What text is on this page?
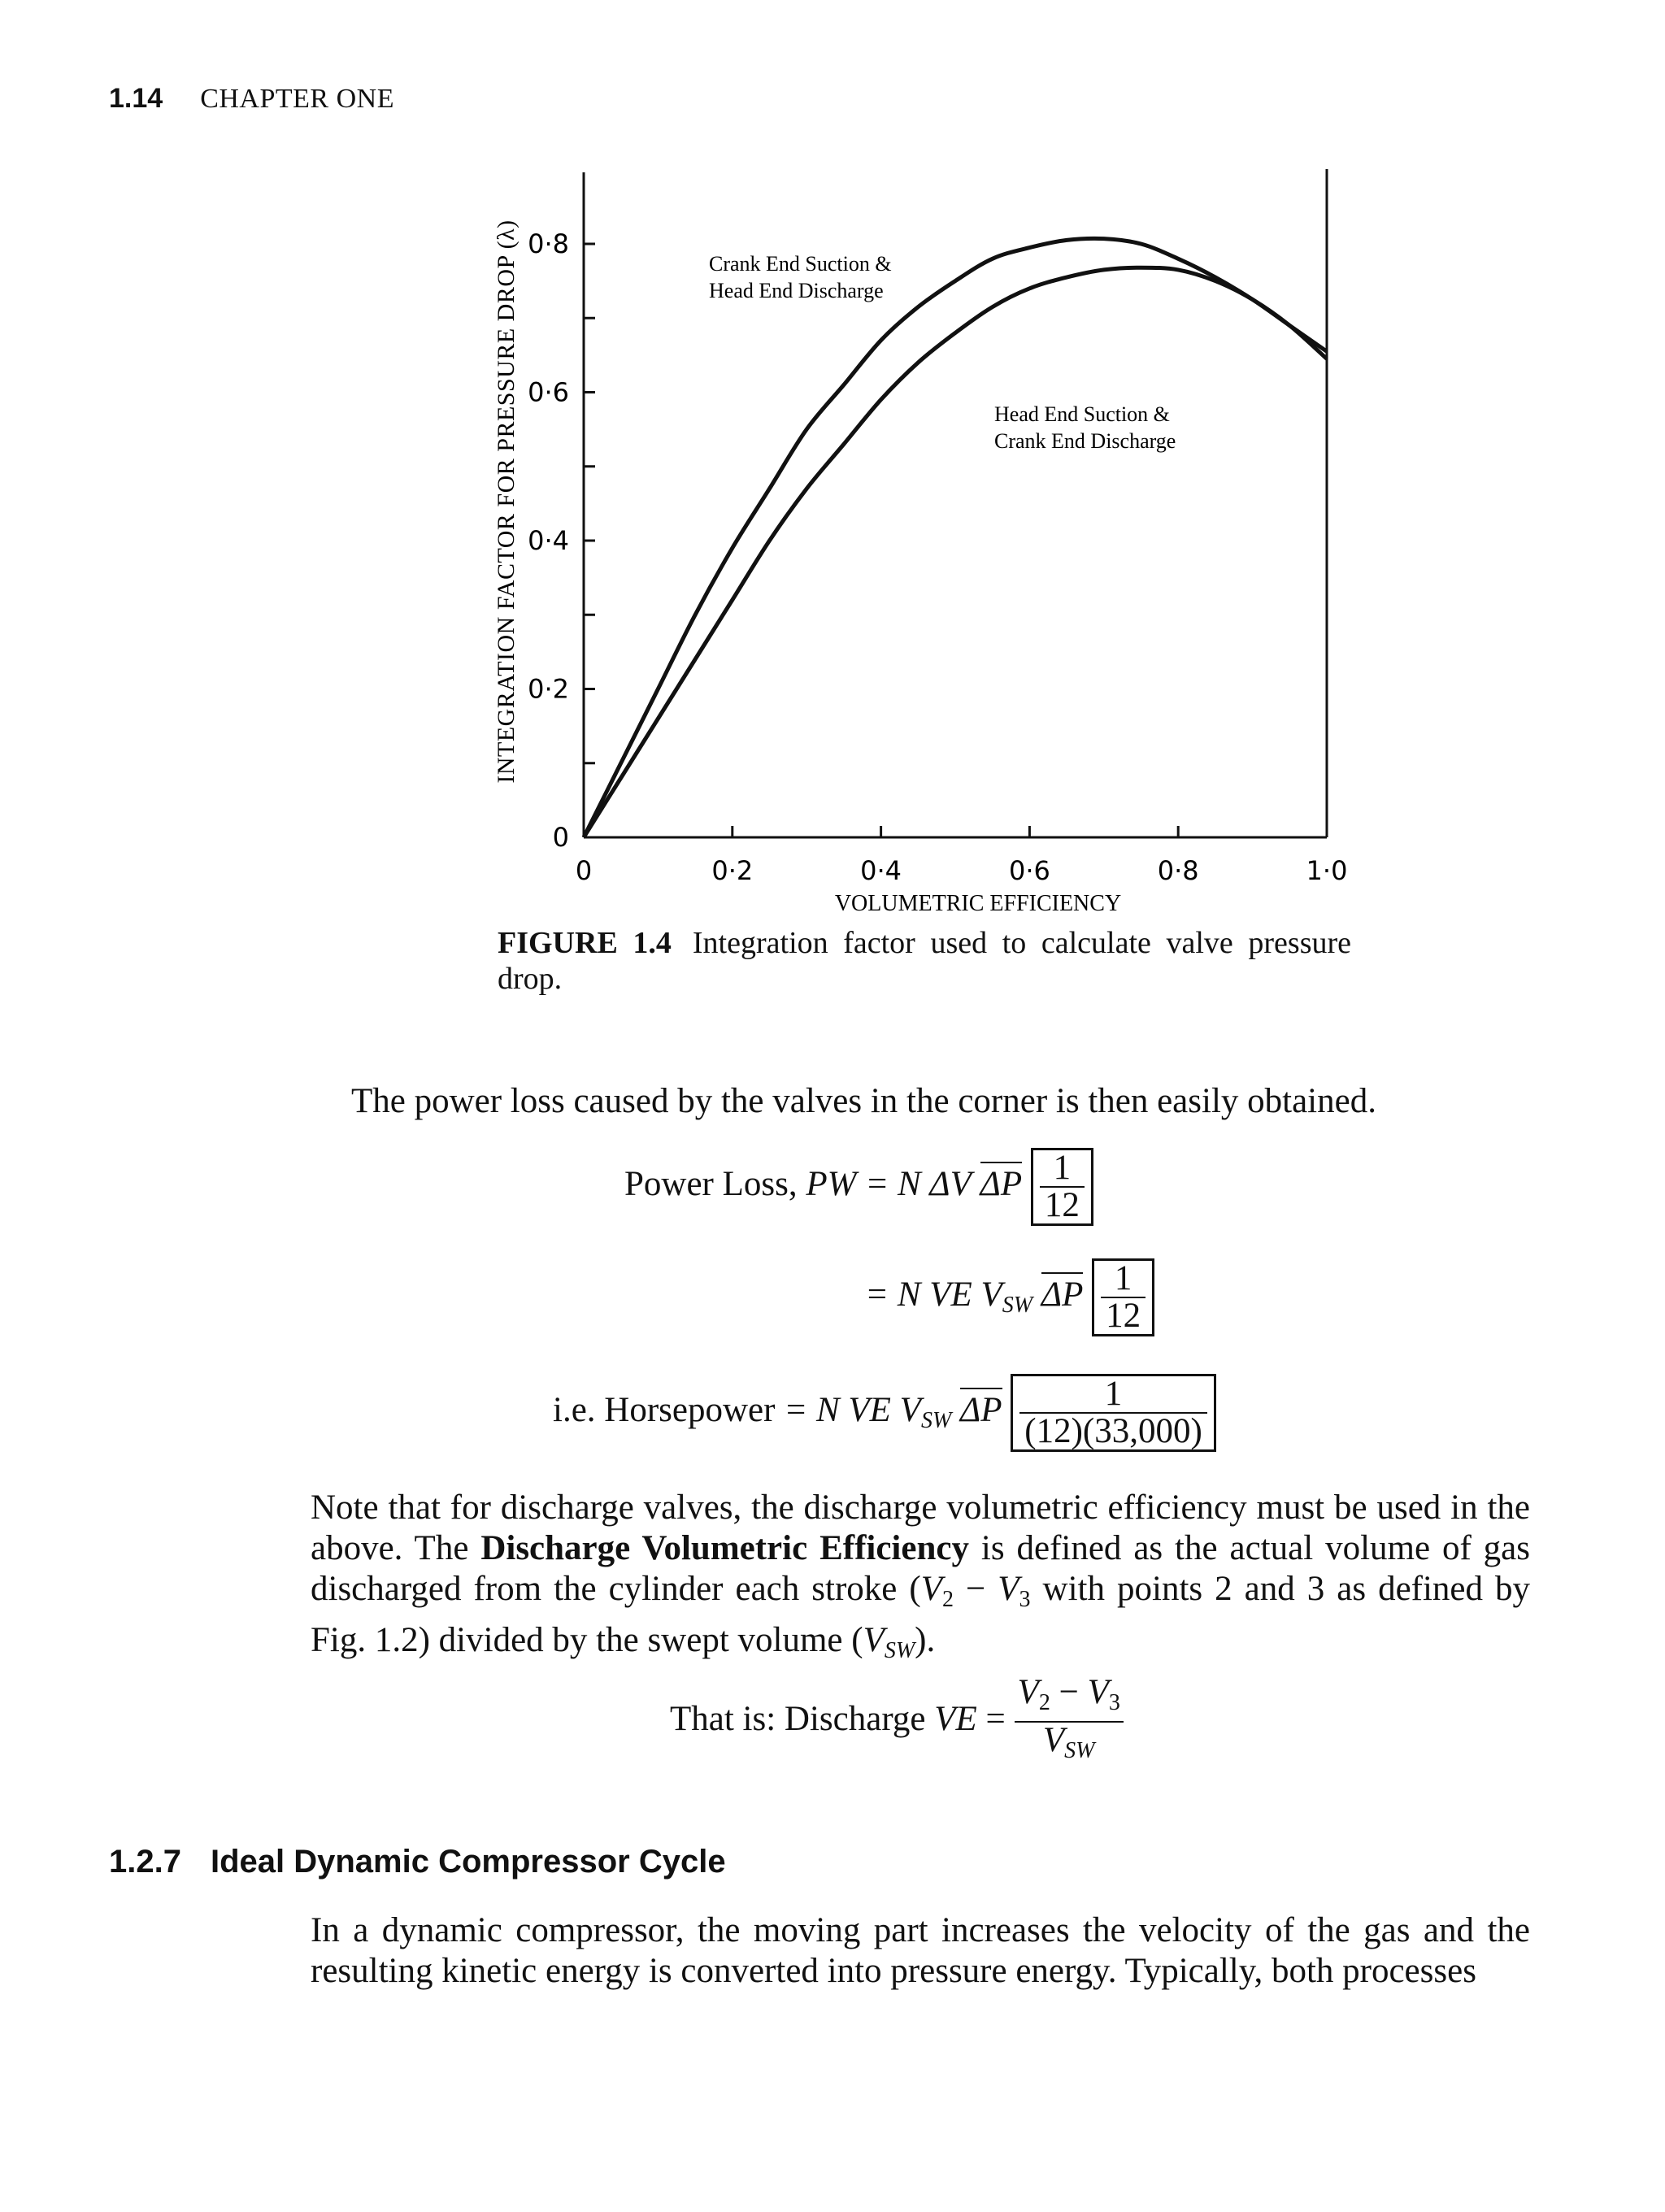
1.14 CHAPTER ONE
0
0·2
0·4
0·6
0·8
0	0·2	0·4	0·6	0·8	1·0
INTEGRATION FACTOR FOR PRESSURE DROP (λ)
VOLUMETRIC EFFICIENCY
Crank End Suction &
Head End Discharge
Head End Suction &
Crank End Discharge
FIGURE 1.4 Integration factor used to calculate valve pressure drop.
The power loss caused by the valves in the corner is then easily obtained.
Power Loss, PW = N ΔV ΔP $\frac{1}{12}$
= N VE $V_{SW}$ ΔP $\frac{1}{12}$
i.e. Horsepower = N VE $V_{SW}$ ΔP $\frac{1}{(12)(33,000)}$
Note that for discharge valves, the discharge volumetric efficiency must be used in the above. The Discharge Volumetric Efficiency is defined as the actual volume of gas discharged from the cylinder each stroke ($V_2 - V_3$ with points 2 and 3 as defined by Fig. 1.2) divided by the swept volume $(V_{SW})$.
That is: Discharge VE = $\frac{V_2 - V_3}{V_{SW}}$
1.2.7 Ideal Dynamic Compressor Cycle
In a dynamic compressor, the moving part increases the velocity of the gas and the resulting kinetic energy is converted into pressure energy. Typically, both processes
